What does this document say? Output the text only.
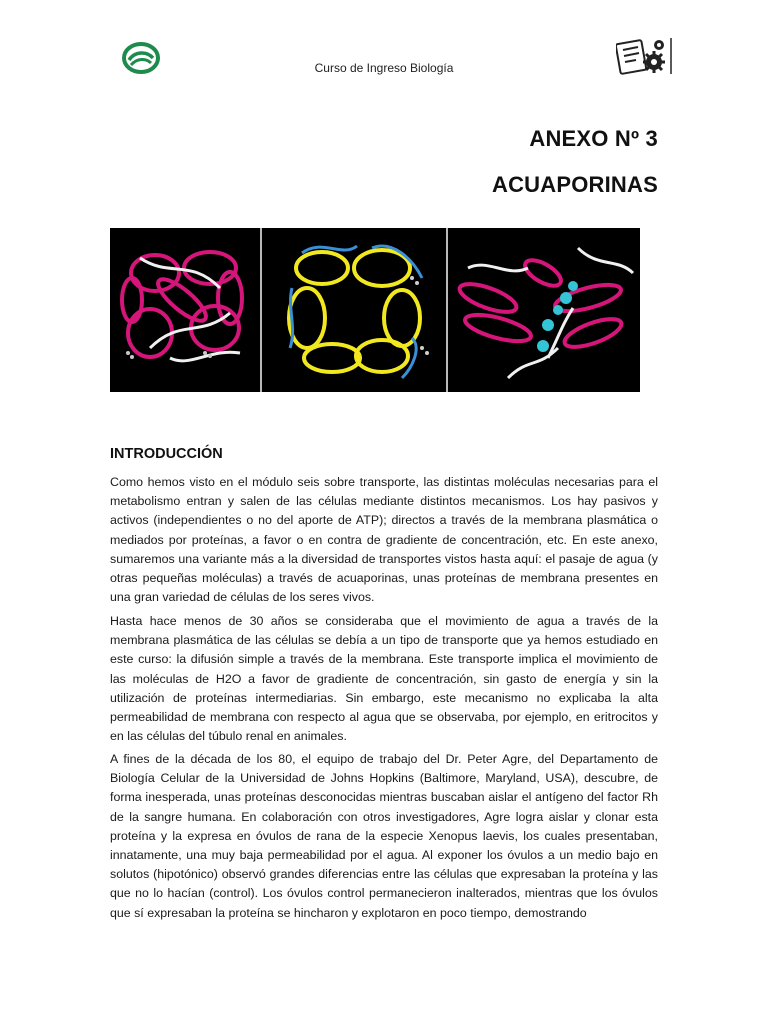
Curso de Ingreso Biología
ANEXO Nº 3
ACUAPORINAS
INTRODUCCIÓN

Como hemos visto en el módulo seis sobre transporte, las distintas moléculas necesarias para el metabolismo entran y salen de las células mediante distintos mecanismos. Los hay pasivos y activos (independientes o no del aporte de ATP); directos a través de la membrana plasmática o mediados por proteínas, a favor o en contra de gradiente de concentración, etc. En este anexo, sumaremos una variante más a la diversidad de transportes vistos hasta aquí: el pasaje de agua (y otras pequeñas moléculas) a través de acuaporinas, unas proteínas de membrana presentes en una gran variedad de células de los seres vivos.

Hasta hace menos de 30 años se consideraba que el movimiento de agua a través de la membrana plasmática de las células se debía a un tipo de transporte que ya hemos estudiado en este curso: la difusión simple a través de la membrana. Este transporte implica el movimiento de las moléculas de H2O a favor de gradiente de concentración, sin gasto de energía y sin la utilización de proteínas intermediarias. Sin embargo, este mecanismo no explicaba la alta permeabilidad de membrana con respecto al agua que se observaba, por ejemplo, en eritrocitos y en las células del túbulo renal en animales.

A fines de la década de los 80, el equipo de trabajo del Dr. Peter Agre, del Departamento de Biología Celular de la Universidad de Johns Hopkins (Baltimore, Maryland, USA), descubre, de forma inesperada, unas proteínas desconocidas mientras buscaban aislar el antígeno del factor Rh de la sangre humana. En colaboración con otros investigadores, Agre logra aislar y clonar esta proteína y la expresa en óvulos de rana de la especie Xenopus laevis, los cuales presentaban, innatamente, una muy baja permeabilidad por el agua. Al exponer los óvulos a un medio bajo en solutos (hipotónico) observó grandes diferencias entre las células que expresaban la proteína y las que no lo hacían (control). Los óvulos control permanecieron inalterados, mientras que los óvulos que sí expresaban la proteína se hincharon y explotaron en poco tiempo, demostrando
